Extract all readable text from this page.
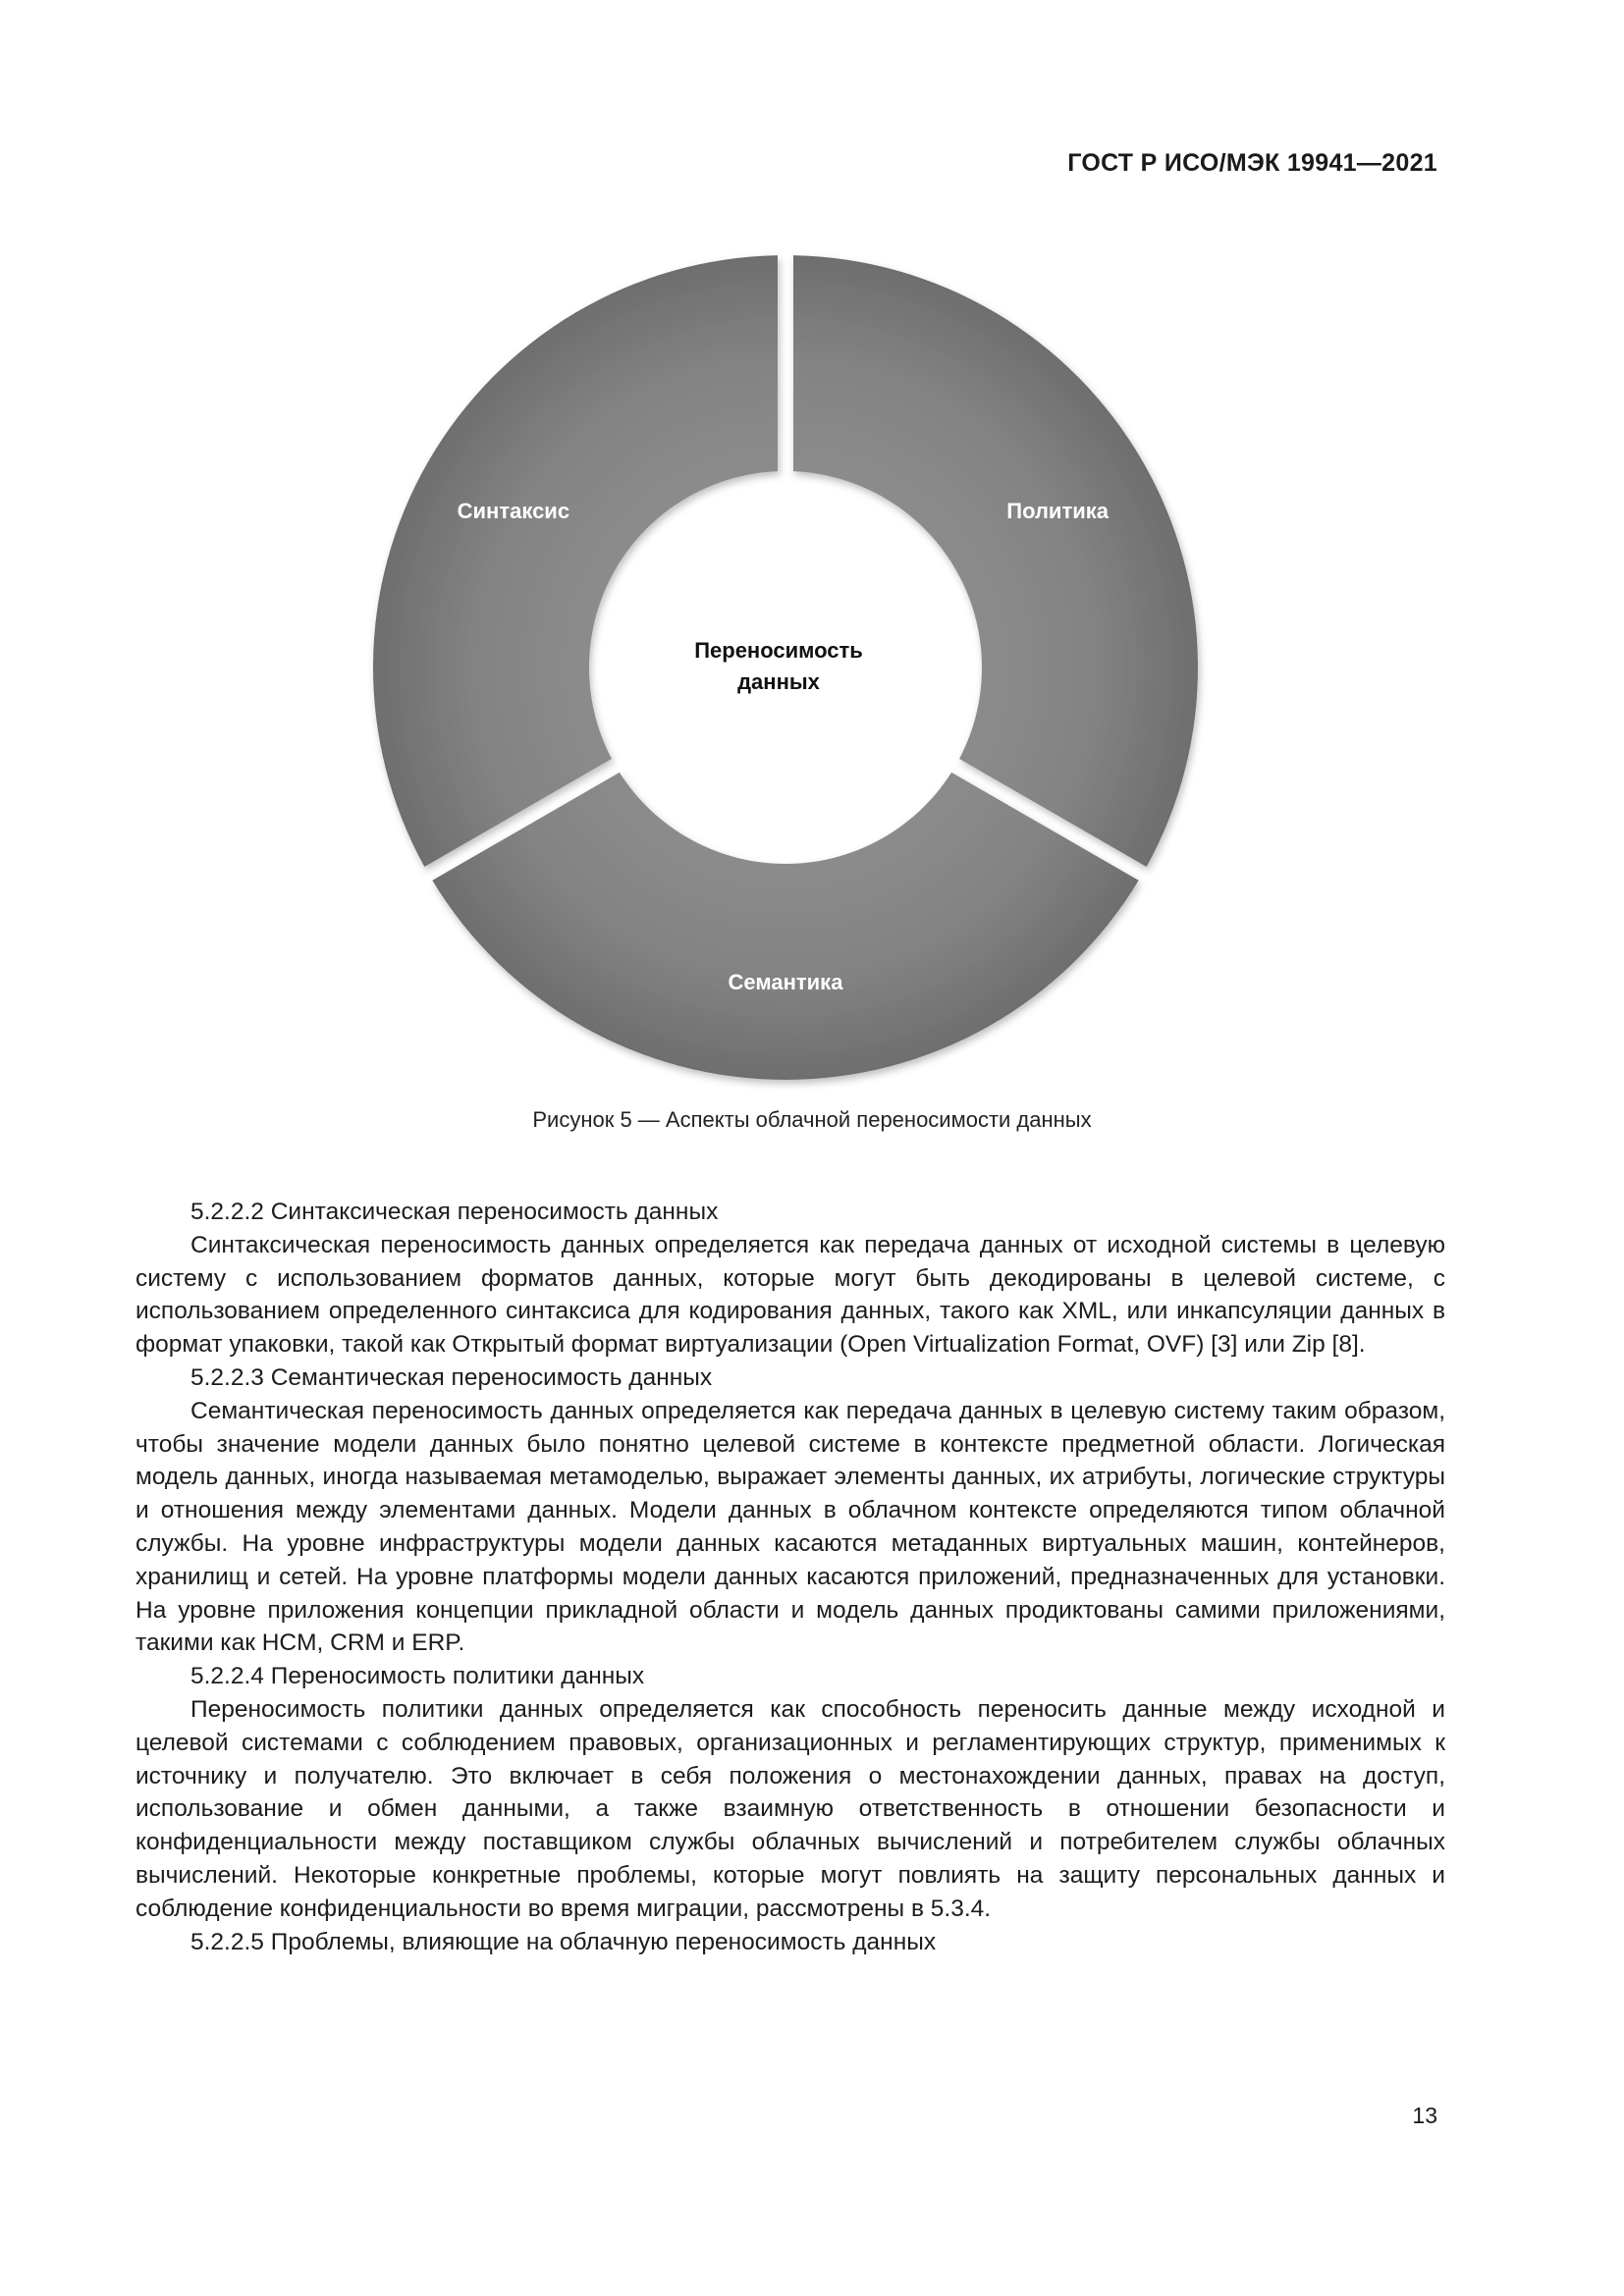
ГОСТ Р ИСО/МЭК 19941—2021
Политика
Семантика
Синтаксис
Переносимость
данных
Рисунок 5 — Аспекты облачной переносимости данных

5.2.2.2 Синтаксическая переносимость данных

Синтаксическая переносимость данных определяется как передача данных от исходной системы в целевую систему с использованием форматов данных, которые могут быть декодированы в целевой системе, с использованием определенного синтаксиса для кодирования данных, такого как XML, или инкапсуляции данных в формат упаковки, такой как Открытый формат виртуализации (Open Virtualization Format, OVF) [3] или Zip [8].

5.2.2.3 Семантическая переносимость данных

Семантическая переносимость данных определяется как передача данных в целевую систему таким образом, чтобы значение модели данных было понятно целевой системе в контексте предметной области. Логическая модель данных, иногда называемая метамоделью, выражает элементы данных, их атрибуты, логические структуры и отношения между элементами данных. Модели данных в облачном контексте определяются типом облачной службы. На уровне инфраструктуры модели данных касаются метаданных виртуальных машин, контейнеров, хранилищ и сетей. На уровне платформы модели данных касаются приложений, предназначенных для установки. На уровне приложения концепции прикладной области и модель данных продиктованы самими приложениями, такими как HCM, CRM и ERP.

5.2.2.4 Переносимость политики данных

Переносимость политики данных определяется как способность переносить данные между исходной и целевой системами с соблюдением правовых, организационных и регламентирующих структур, применимых к источнику и получателю. Это включает в себя положения о местонахождении данных, правах на доступ, использование и обмен данными, а также взаимную ответственность в отношении безопасности и конфиденциальности между поставщиком службы облачных вычислений и потребителем службы облачных вычислений. Некоторые конкретные проблемы, которые могут повлиять на защиту персональных данных и соблюдение конфиденциальности во время миграции, рассмотрены в 5.3.4.

5.2.2.5 Проблемы, влияющие на облачную переносимость данных

13
